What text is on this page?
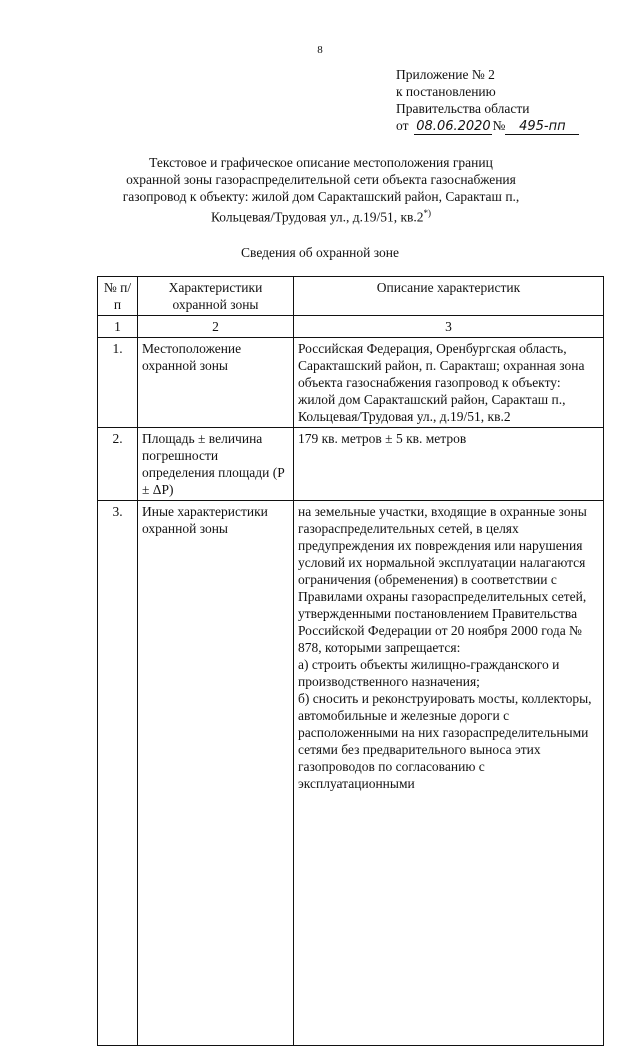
8
Приложение № 2
к постановлению
Правительства области
от 08.06.2020 № 495-пп
Текстовое и графическое описание местоположения границ
охранной зоны газораспределительной сети объекта газоснабжения
газопровод к объекту: жилой дом Саракташский район, Саракташ п.,
Кольцевая/Трудовая ул., д.19/51, кв.2*)
Сведения об охранной зоне
№ п/п	Характеристики охранной зоны	Описание характеристик
1	2	3
1.	Местоположение охранной зоны	Российская Федерация, Оренбургская область, Саракташский район, п. Саракташ; охранная зона объекта газоснабжения газопровод к объекту: жилой дом Саракташский район, Саракташ п., Кольцевая/Трудовая ул., д.19/51, кв.2
2.	Площадь ± величина погрешности определения площади (P ± ΔP)	179 кв. метров ± 5 кв. метров
3.	Иные характеристики охранной зоны	на земельные участки, входящие в охранные зоны газораспределительных сетей, в целях предупреждения их повреждения или нарушения условий их нормальной эксплуатации налагаются ограничения (обременения) в соответствии с Правилами охраны газораспределительных сетей, утвержденными постановлением Правительства Российской Федерации от 20 ноября 2000 года № 878, которыми запрещается:
а) строить объекты жилищно-гражданского и производственного назначения;
б) сносить и реконструировать мосты, коллекторы, автомобильные и железные дороги с расположенными на них газораспределительными сетями без предварительного выноса этих газопроводов по согласованию с эксплуатационными
